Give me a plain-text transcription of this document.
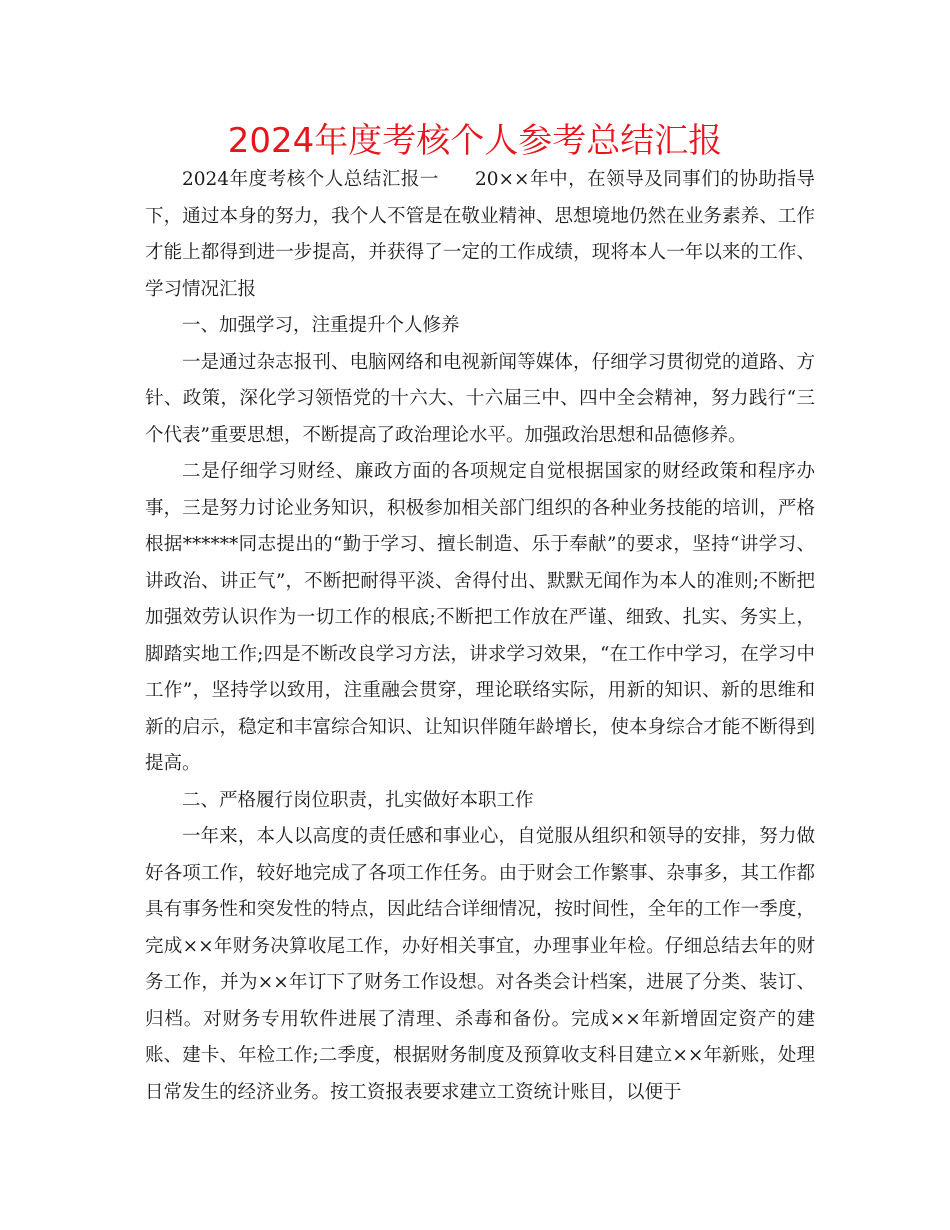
2024年度考核个人参考总结汇报

2024年度考核个人总结汇报一 20××年中，在领导及同事们的协助指导下，通过本身的努力，我个人不管是在敬业精神、思想境地仍然在业务素养、工作才能上都得到进一步提高，并获得了一定的工作成绩，现将本人一年以来的工作、学习情况汇报

一、加强学习，注重提升个人修养

一是通过杂志报刊、电脑网络和电视新闻等媒体，仔细学习贯彻党的道路、方针、政策，深化学习领悟党的十六大、十六届三中、四中全会精神，努力践行“三个代表”重要思想，不断提高了政治理论水平。加强政治思想和品德修养。

二是仔细学习财经、廉政方面的各项规定自觉根据国家的财经政策和程序办事，三是努力讨论业务知识，积极参加相关部门组织的各种业务技能的培训，严格根据******同志提出的“勤于学习、擅长制造、乐于奉献”的要求，坚持“讲学习、讲政治、讲正气”，不断把耐得平淡、舍得付出、默默无闻作为本人的准则;不断把加强效劳认识作为一切工作的根底;不断把工作放在严谨、细致、扎实、务实上，脚踏实地工作;四是不断改良学习方法，讲求学习效果，“在工作中学习，在学习中工作”，坚持学以致用，注重融会贯穿，理论联络实际，用新的知识、新的思维和新的启示，稳定和丰富综合知识、让知识伴随年龄增长，使本身综合才能不断得到提高。

二、严格履行岗位职责，扎实做好本职工作

一年来，本人以高度的责任感和事业心，自觉服从组织和领导的安排，努力做好各项工作，较好地完成了各项工作任务。由于财会工作繁事、杂事多，其工作都具有事务性和突发性的特点，因此结合详细情况，按时间性，全年的工作一季度，完成××年财务决算收尾工作，办好相关事宜，办理事业年检。仔细总结去年的财务工作，并为××年订下了财务工作设想。对各类会计档案，进展了分类、装订、归档。对财务专用软件进展了清理、杀毒和备份。完成××年新增固定资产的建账、建卡、年检工作;二季度，根据财务制度及预算收支科目建立××年新账，处理日常发生的经济业务。按工资报表要求建立工资统计账目，以便于
